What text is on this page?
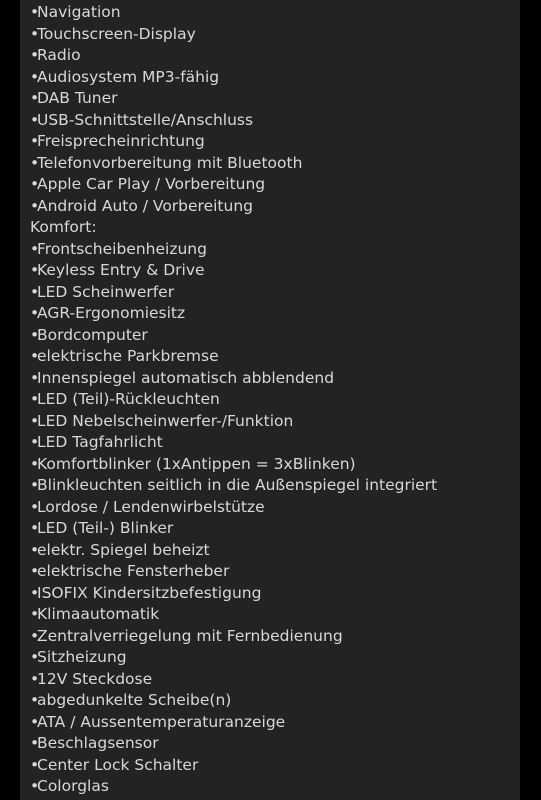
•Navigation
•Touchscreen-Display
•Radio
•Audiosystem MP3-fähig
•DAB Tuner
•USB-Schnittstelle/Anschluss
•Freisprecheinrichtung
•Telefonvorbereitung mit Bluetooth
•Apple Car Play / Vorbereitung
•Android Auto / Vorbereitung
Komfort:
•Frontscheibenheizung
•Keyless Entry & Drive
•LED Scheinwerfer
•AGR-Ergonomiesitz
•Bordcomputer
•elektrische Parkbremse
•Innenspiegel automatisch abblendend
•LED (Teil)-Rückleuchten
•LED Nebelscheinwerfer-/Funktion
•LED Tagfahrlicht
•Komfortblinker (1xAntippen = 3xBlinken)
•Blinkleuchten seitlich in die Außenspiegel integriert
•Lordose / Lendenwirbelstütze
•LED (Teil-) Blinker
•elektr. Spiegel beheizt
•elektrische Fensterheber
•ISOFIX Kindersitzbefestigung
•Klimaautomatik
•Zentralverriegelung mit Fernbedienung
•Sitzheizung
•12V Steckdose
•abgedunkelte Scheibe(n)
•ATA / Aussentemperaturanzeige
•Beschlagsensor
•Center Lock Schalter
•Colorglas
